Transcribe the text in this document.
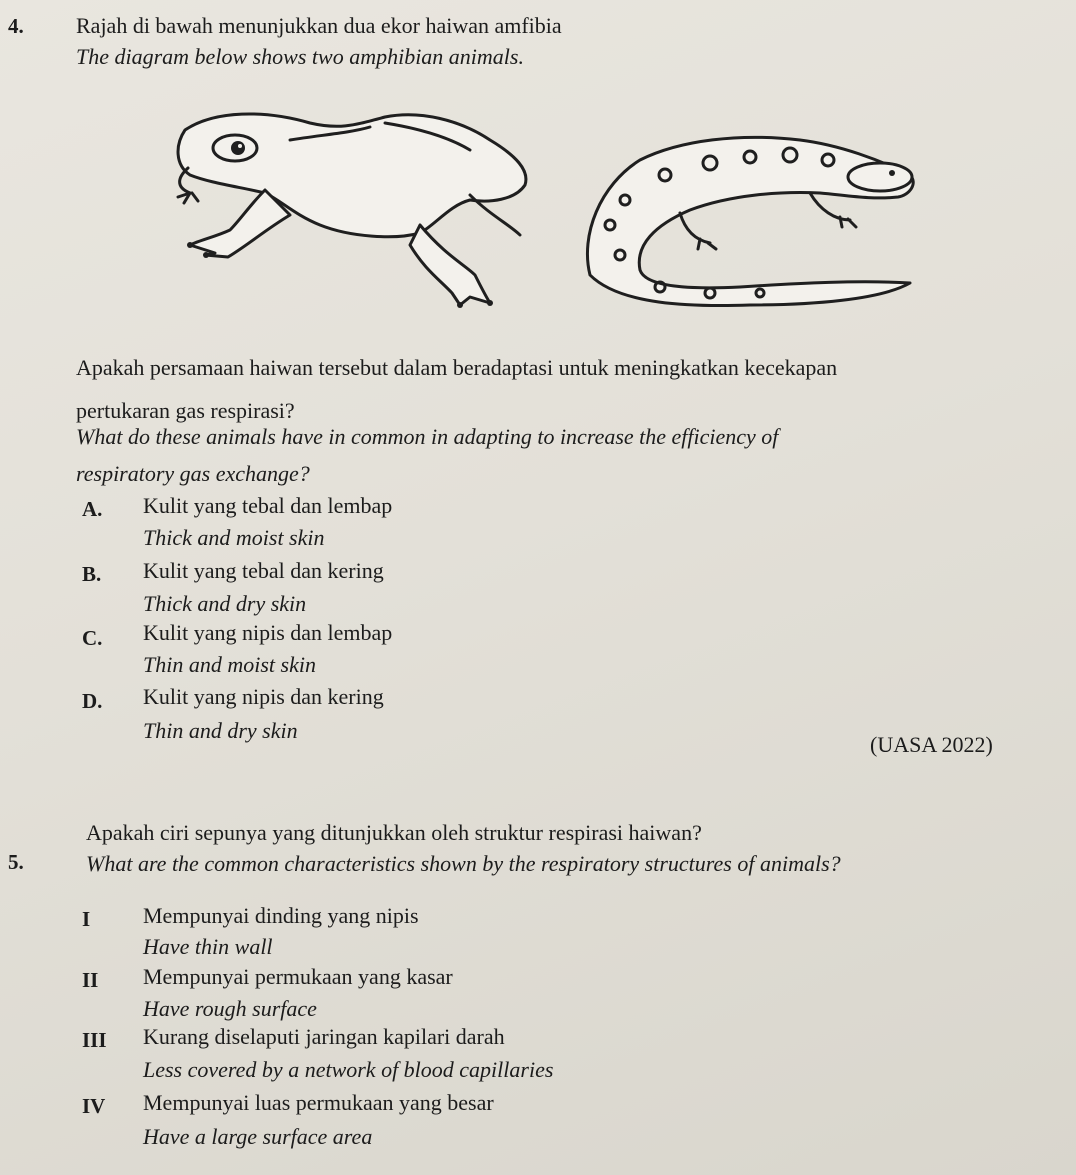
4. Rajah di bawah menunjukkan dua ekor haiwan amfibia
The diagram below shows two amphibian animals.
Apakah persamaan haiwan tersebut dalam beradaptasi untuk meningkatkan kecekapan
pertukaran gas respirasi?
What do these animals have in common in adapting to increase the efficiency of
respiratory gas exchange?
A. Kulit yang tebal dan lembap
Thick and moist skin
B. Kulit yang tebal dan kering
Thick and dry skin
C. Kulit yang nipis dan lembap
Thin and moist skin
D. Kulit yang nipis dan kering
Thin and dry skin
(UASA 2022)
5.
Apakah ciri sepunya yang ditunjukkan oleh struktur respirasi haiwan?
What are the common characteristics shown by the respiratory structures of animals?
I Mempunyai dinding yang nipis
Have thin wall
II Mempunyai permukaan yang kasar
Have rough surface
III Kurang diselaputi jaringan kapilari darah
Less covered by a network of blood capillaries
IV Mempunyai luas permukaan yang besar
Have a large surface area
